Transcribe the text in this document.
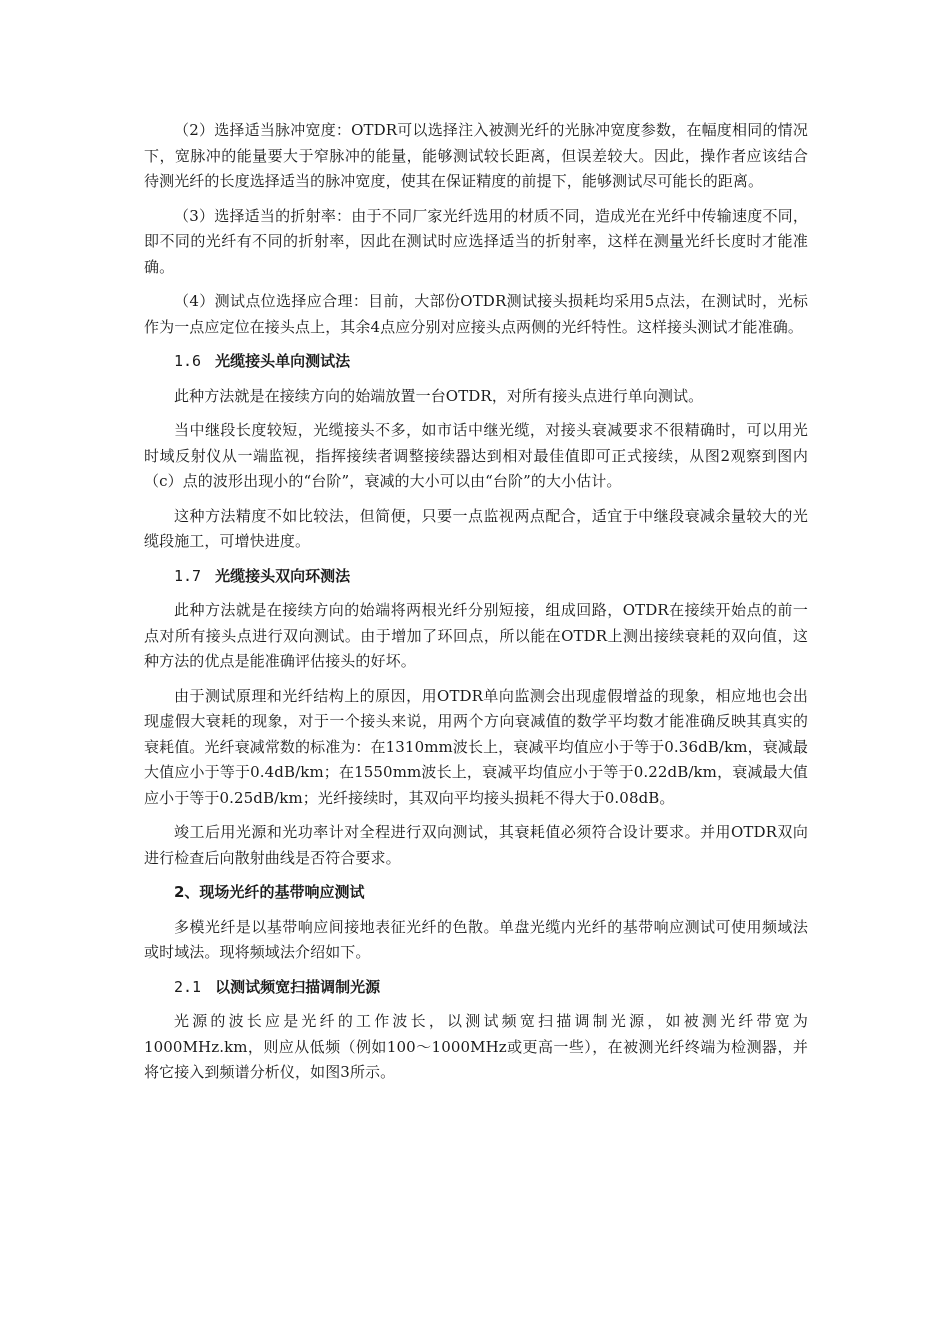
（2）选择适当脉冲宽度：OTDR可以选择注入被测光纤的光脉冲宽度参数，在幅度相同的情况下，宽脉冲的能量要大于窄脉冲的能量，能够测试较长距离，但误差较大。因此，操作者应该结合待测光纤的长度选择适当的脉冲宽度，使其在保证精度的前提下，能够测试尽可能长的距离。

（3）选择适当的折射率：由于不同厂家光纤选用的材质不同，造成光在光纤中传输速度不同，即不同的光纤有不同的折射率，因此在测试时应选择适当的折射率，这样在测量光纤长度时才能准确。

（4）测试点位选择应合理：目前，大部份OTDR测试接头损耗均采用5点法，在测试时，光标作为一点应定位在接头点上，其余4点应分别对应接头点两侧的光纤特性。这样接头测试才能准确。

1.6 光缆接头单向测试法

此种方法就是在接续方向的始端放置一台OTDR，对所有接头点进行单向测试。

当中继段长度较短，光缆接头不多，如市话中继光缆，对接头衰减要求不很精确时，可以用光时域反射仪从一端监视，指挥接续者调整接续器达到相对最佳值即可正式接续，从图2观察到图内（c）点的波形出现小的“台阶”，衰减的大小可以由“台阶”的大小估计。

这种方法精度不如比较法，但简便，只要一点监视两点配合，适宜于中继段衰减余量较大的光缆段施工，可增快进度。

1.7 光缆接头双向环测法

此种方法就是在接续方向的始端将两根光纤分别短接，组成回路，OTDR在接续开始点的前一点对所有接头点进行双向测试。由于增加了环回点，所以能在OTDR上测出接续衰耗的双向值，这种方法的优点是能准确评估接头的好坏。

由于测试原理和光纤结构上的原因，用OTDR单向监测会出现虚假增益的现象，相应地也会出现虚假大衰耗的现象，对于一个接头来说，用两个方向衰减值的数学平均数才能准确反映其真实的衰耗值。光纤衰减常数的标准为：在1310mm波长上，衰减平均值应小于等于0.36dB/km，衰减最大值应小于等于0.4dB/km；在1550mm波长上，衰减平均值应小于等于0.22dB/km，衰减最大值应小于等于0.25dB/km；光纤接续时，其双向平均接头损耗不得大于0.08dB。

竣工后用光源和光功率计对全程进行双向测试，其衰耗值必须符合设计要求。并用OTDR双向进行检查后向散射曲线是否符合要求。

2、现场光纤的基带响应测试

多模光纤是以基带响应间接地表征光纤的色散。单盘光缆内光纤的基带响应测试可使用频域法或时域法。现将频域法介绍如下。

2.1 以测试频宽扫描调制光源

光源的波长应是光纤的工作波长，以测试频宽扫描调制光源，如被测光纤带宽为1000MHz.km，则应从低频（例如100～1000MHz或更高一些），在被测光纤终端为检测器，并将它接入到频谱分析仪，如图3所示。
